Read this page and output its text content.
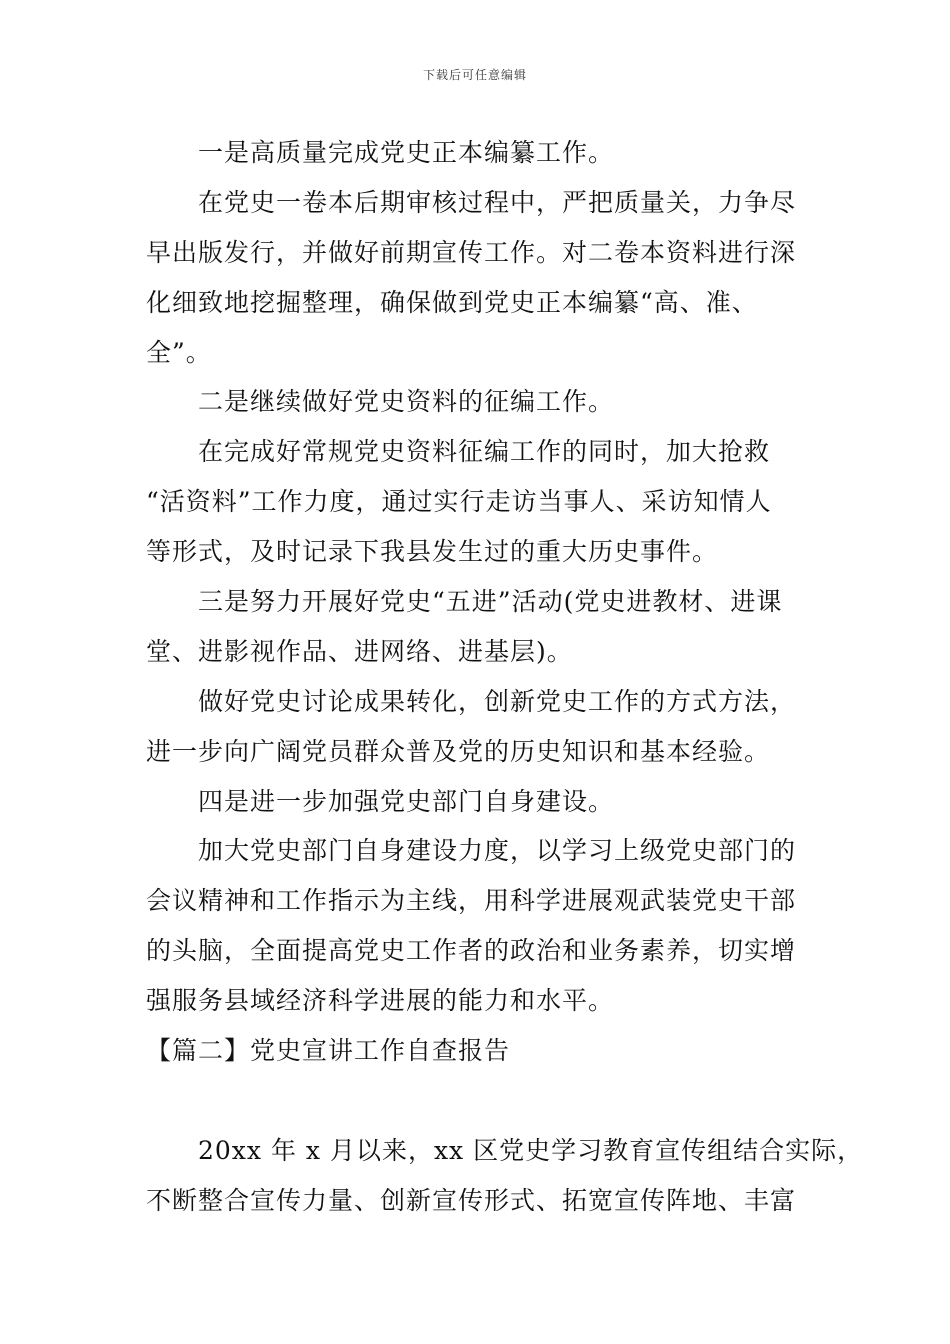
下载后可任意编辑
一是高质量完成党史正本编纂工作。
在党史一卷本后期审核过程中，严把质量关，力争尽
早出版发行，并做好前期宣传工作。对二卷本资料进行深
化细致地挖掘整理，确保做到党史正本编纂“高、准、
全”。
二是继续做好党史资料的征编工作。
在完成好常规党史资料征编工作的同时，加大抢救
“活资料”工作力度，通过实行走访当事人、采访知情人
等形式，及时记录下我县发生过的重大历史事件。
三是努力开展好党史“五进”活动(党史进教材、进课
堂、进影视作品、进网络、进基层)。
做好党史讨论成果转化，创新党史工作的方式方法，
进一步向广阔党员群众普及党的历史知识和基本经验。
四是进一步加强党史部门自身建设。
加大党史部门自身建设力度，以学习上级党史部门的
会议精神和工作指示为主线，用科学进展观武装党史干部
的头脑，全面提高党史工作者的政治和业务素养，切实增
强服务县域经济科学进展的能力和水平。
【篇二】党史宣讲工作自查报告
20xx 年 x 月以来，xx 区党史学习教育宣传组结合实际，
不断整合宣传力量、创新宣传形式、拓宽宣传阵地、丰富
